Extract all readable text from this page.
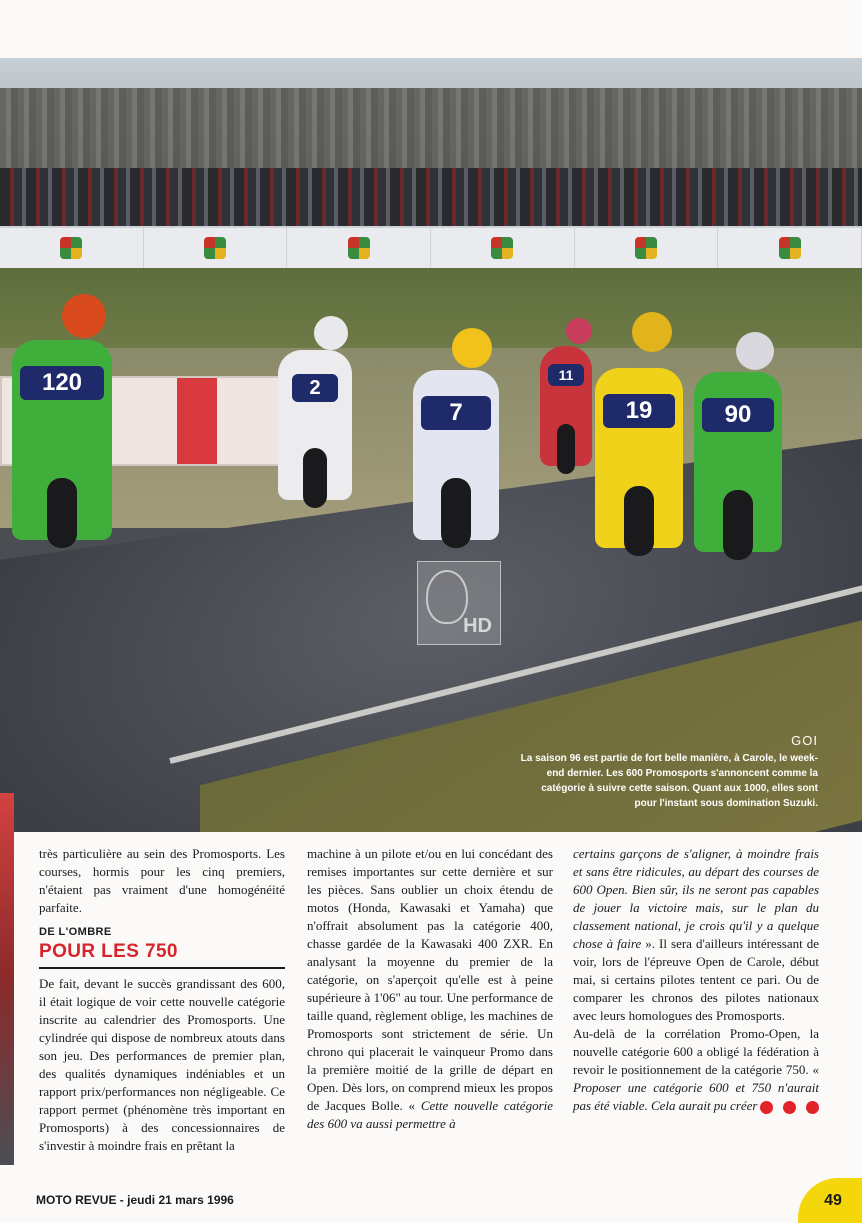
120	2
7
11
19	90
HD
GOI
La saison 96 est partie de fort belle manière, à Carole, le week-end dernier. Les 600 Promosports s'annoncent comme la catégorie à suivre cette saison. Quant aux 1000, elles sont pour l'instant sous domination Suzuki.

très particulière au sein des Promosports. Les courses, hormis pour les cinq premiers, n'étaient pas vraiment d'une homogénéité parfaite.

DE L'OMBRE
POUR LES 750

De fait, devant le succès grandissant des 600, il était logique de voir cette nouvelle catégorie inscrite au calendrier des Promosports. Une cylindrée qui dispose de nombreux atouts dans son jeu. Des performances de premier plan, des qualités dynamiques indéniables et un rapport prix/performances non négligeable. Ce rapport permet (phénomène très important en Promosports) à des concessionnaires de s'investir à moindre frais en prêtant la

machine à un pilote et/ou en lui concédant des remises importantes sur cette dernière et sur les pièces. Sans oublier un choix étendu de motos (Honda, Kawasaki et Yamaha) que n'offrait absolument pas la catégorie 400, chasse gardée de la Kawasaki 400 ZXR. En analysant la moyenne du premier de la catégorie, on s'aperçoit qu'elle est à peine supérieure à 1'06" au tour. Une performance de taille quand, règlement oblige, les machines de Promosports sont strictement de série. Un chrono qui placerait le vainqueur Promo dans la première moitié de la grille de départ en Open. Dès lors, on comprend mieux les propos de Jacques Bolle. « Cette nouvelle catégorie des 600 va aussi permettre à

certains garçons de s'aligner, à moindre frais et sans être ridicules, au départ des courses de 600 Open. Bien sûr, ils ne seront pas capables de jouer la victoire mais, sur le plan du classement national, je crois qu'il y a quelque chose à faire ». Il sera d'ailleurs intéressant de voir, lors de l'épreuve Open de Carole, début mai, si certains pilotes tentent ce pari. Ou de comparer les chronos des pilotes nationaux avec leurs homologues des Promosports.

Au-delà de la corrélation Promo-Open, la nouvelle catégorie 600 a obligé la fédération à revoir le positionnement de la catégorie 750. « Proposer une catégorie 600 et 750 n'aurait pas été viable. Cela aurait pu créer

MOTO REVUE - jeudi 21 mars 1996	49
